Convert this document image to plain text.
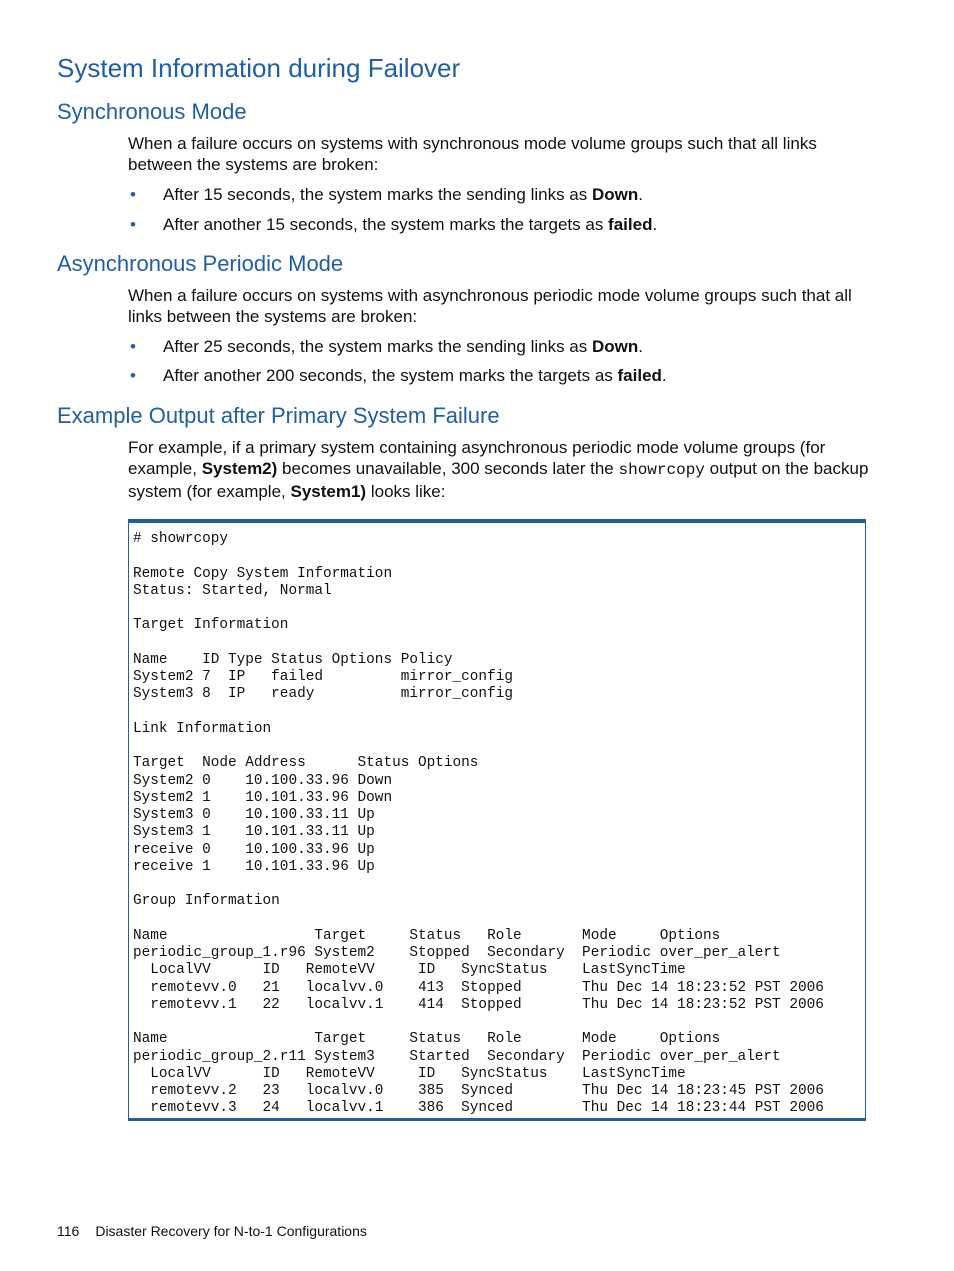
System Information during Failover
Synchronous Mode

When a failure occurs on systems with synchronous mode volume groups such that all links between the systems are broken:

• After 15 seconds, the system marks the sending links as Down.
• After another 15 seconds, the system marks the targets as failed.
Asynchronous Periodic Mode

When a failure occurs on systems with asynchronous periodic mode volume groups such that all links between the systems are broken:

• After 25 seconds, the system marks the sending links as Down.
• After another 200 seconds, the system marks the targets as failed.
Example Output after Primary System Failure

For example, if a primary system containing asynchronous periodic mode volume groups (for example, System2) becomes unavailable, 300 seconds later the showrcopy output on the backup system (for example, System1) looks like:

# showrcopy

Remote Copy System Information
Status: Started, Normal

Target Information

Name    ID Type Status Options Policy
System2 7  IP   failed         mirror_config
System3 8  IP   ready          mirror_config

Link Information

Target  Node Address      Status Options
System2 0    10.100.33.96 Down
System2 1    10.101.33.96 Down
System3 0    10.100.33.11 Up
System3 1    10.101.33.11 Up
receive 0    10.100.33.96 Up
receive 1    10.101.33.96 Up

Group Information

Name                 Target     Status   Role       Mode     Options
periodic_group_1.r96 System2    Stopped  Secondary  Periodic over_per_alert
LocalVV      ID   RemoteVV     ID   SyncStatus    LastSyncTime
remotevv.0   21   localvv.0    413  Stopped       Thu Dec 14 18:23:52 PST 2006
remotevv.1   22   localvv.1    414  Stopped       Thu Dec 14 18:23:52 PST 2006

Name                 Target     Status   Role       Mode     Options
periodic_group_2.r11 System3    Started  Secondary  Periodic over_per_alert
LocalVV      ID   RemoteVV     ID   SyncStatus    LastSyncTime
remotevv.2   23   localvv.0    385  Synced        Thu Dec 14 18:23:45 PST 2006
remotevv.3   24   localvv.1    386  Synced        Thu Dec 14 18:23:44 PST 2006
116 Disaster Recovery for N-to-1 Configurations
